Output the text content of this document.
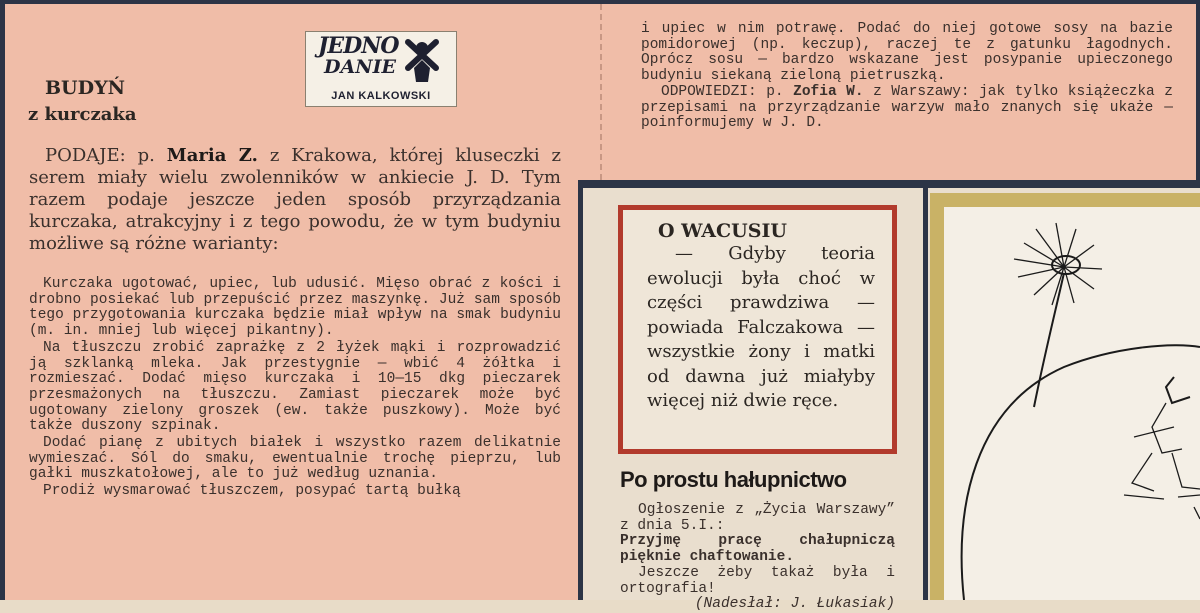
JEDNO
DANIE
JAN KALKOWSKI
BUDYŃ
z kurczaka

PODAJE: p. Maria Z. z Krakowa, której kluseczki z serem miały wielu zwolenników w ankiecie J. D. Tym razem podaje jeszcze jeden sposób przyrządzania kurczaka, atrakcyjny i z tego powodu, że w tym budyniu możliwe są różne warianty:

Kurczaka ugotować, upiec, lub udusić. Mięso obrać z kości i drobno posiekać lub przepuścić przez maszynkę. Już sam sposób tego przygotowania kurczaka będzie miał wpływ na smak budyniu (m. in. mniej lub więcej pikantny).

Na tłuszczu zrobić zaprażkę z 2 łyżek mąki i rozprowadzić ją szklanką mleka. Jak przestygnie — wbić 4 żółtka i rozmieszać. Dodać mięso kurczaka i 10—15 dkg pieczarek przesmażonych na tłuszczu. Zamiast pieczarek może być ugotowany zielony groszek (ew. także puszkowy). Może być także duszony szpinak.

Dodać pianę z ubitych białek i wszystko razem delikatnie wymieszać. Sól do smaku, ewentualnie trochę pieprzu, lub gałki muszkatołowej, ale to już według uznania.

Prodiż wysmarować tłuszczem, posypać tartą bułką

i upiec w nim potrawę. Podać do niej gotowe sosy na bazie pomidorowej (np. keczup), raczej te z gatunku łagodnych. Oprócz sosu — bardzo wskazane jest posypanie upieczonego budyniu siekaną zieloną pietruszką.

ODPOWIEDZI: p. Zofia W. z Warszawy: jak tylko książeczka z przepisami na przyrządzanie warzyw mało znanych się ukaże — poinformujemy w J. D.

O WACUSIU

— Gdyby teoria ewolucji była choć w części prawdziwa — powiada Falczakowa — wszystkie żony i matki od dawna już miałyby więcej niż dwie ręce.

Po prostu hałupnictwo

Ogłoszenie z „Życia Warszawy” z dnia 5.I.:

Przyjmę pracę chałupniczą pięknie chaftowanie.

Jeszcze żeby takaż była i ortografia!

(Nadesłał: J. Łukasiak)
